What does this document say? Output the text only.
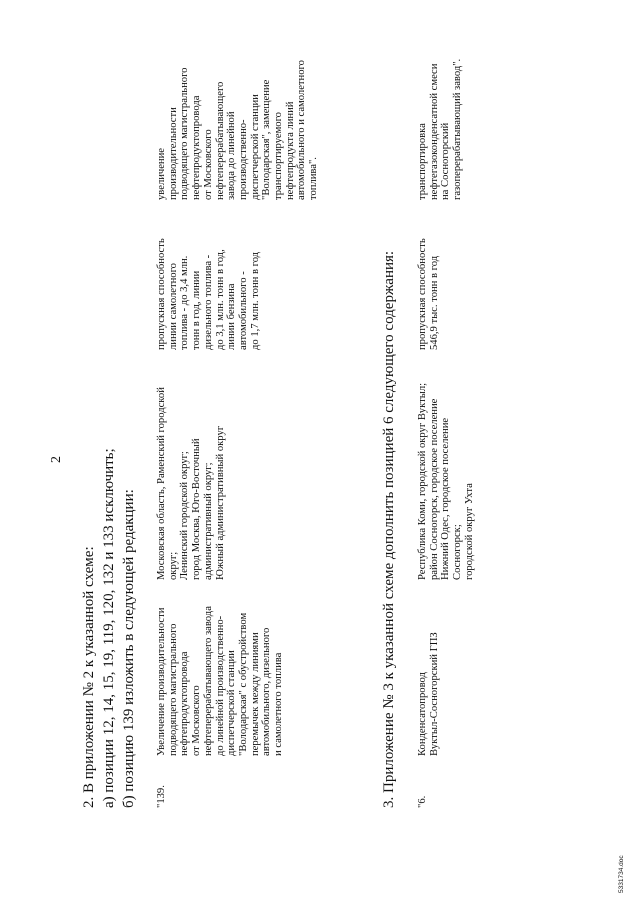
2
2. В приложении № 2 к указанной схеме: а) позиции 12, 14, 15, 19, 119, 120, 132 и 133 исключить; б) позицию 139 изложить в следующей редакции: "139.
Увеличение производительности
подводящего магистрального
нефтепродуктопровода
от Московского
нефтеперерабатывающего завода
до линейной производственно-
диспетчерской станции
"Володарская" с обустройством
перемычек между линиями
автомобильного, дизельного
и самолетного топлива
Московская область, Раменский городской
округ;
Ленинский городской округ;
город Москва, Юго-Восточный
административный округ;
Южный административный округ
пропускная способность
линии самолетного
топлива - до 3,4 млн.
тонн в год, линии
дизельного топлива -
до 3,1 млн. тонн в год,
линии бензина
автомобильного -
до 1,7 млн. тонн в год
увеличение
производительности
подводящего магистрального
нефтепродуктопровода
от Московского
нефтеперерабатывающего
завода до линейной
производственно-
диспетчерской станции
"Володарская", замещение
транспортируемого
нефтепродукта линий
автомобильного и самолетного
топлива".
3. Приложение № 3 к указанной схеме дополнить позицией 6 следующего содержания: "6.
Конденсатопровод
Вуктыл-Сосногорский ГПЗ
Республика Коми, городской округ Вуктыл;
район Сосногорск, городское поселение
Нижний Одес, городское поселение
Сосногорск;
городской округ Ухта
пропускная способность
546,9 тыс. тонн в год
транспортировка
нефтегазоконденсатной смеси
на Сосногорский
газоперерабатывающий завод".
5331734.doc
